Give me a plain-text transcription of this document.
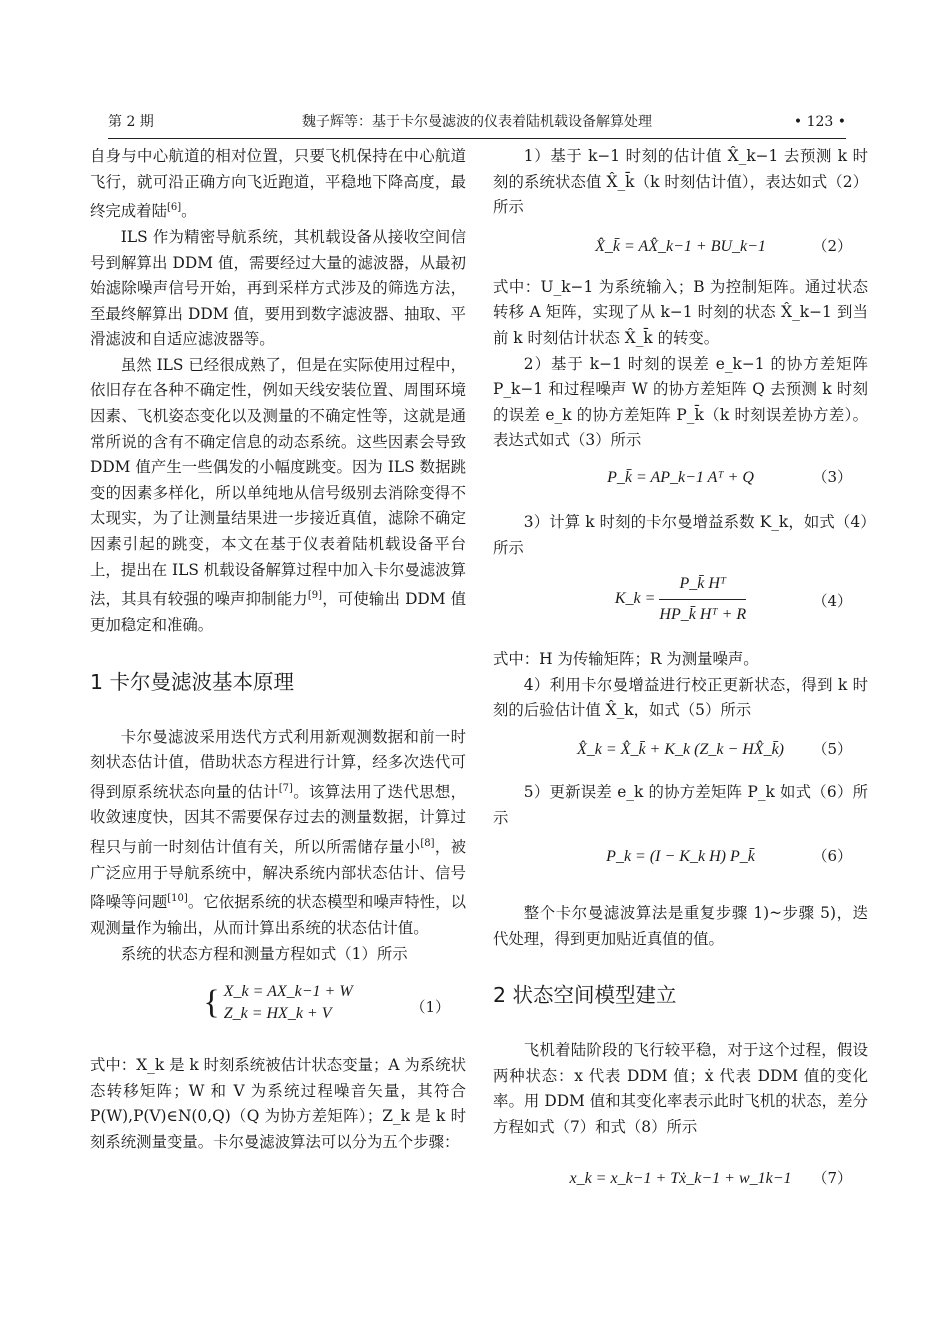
第 2 期	魏子辉等：基于卡尔曼滤波的仪表着陆机载设备解算处理	• 123 •

自身与中心航道的相对位置，只要飞机保持在中心航道飞行，就可沿正确方向飞近跑道，平稳地下降高度，最终完成着陆[6]。

ILS 作为精密导航系统，其机载设备从接收空间信号到解算出 DDM 值，需要经过大量的滤波器，从最初始滤除噪声信号开始，再到采样方式涉及的筛选方法，至最终解算出 DDM 值，要用到数字滤波器、抽取、平滑滤波和自适应滤波器等。

虽然 ILS 已经很成熟了，但是在实际使用过程中，依旧存在各种不确定性，例如天线安装位置、周围环境因素、飞机姿态变化以及测量的不确定性等，这就是通常所说的含有不确定信息的动态系统。这些因素会导致 DDM 值产生一些偶发的小幅度跳变。因为 ILS 数据跳变的因素多样化，所以单纯地从信号级别去消除变得不太现实，为了让测量结果进一步接近真值，滤除不确定因素引起的跳变，本文在基于仪表着陆机载设备平台上，提出在 ILS 机载设备解算过程中加入卡尔曼滤波算法，其具有较强的噪声抑制能力[9]，可使输出 DDM 值更加稳定和准确。

1 卡尔曼滤波基本原理

卡尔曼滤波采用迭代方式利用新观测数据和前一时刻状态估计值，借助状态方程进行计算，经多次迭代可得到原系统状态向量的估计[7]。该算法用了迭代思想，收敛速度快，因其不需要保存过去的测量数据，计算过程只与前一时刻估计值有关，所以所需储存量小[8]，被广泛应用于导航系统中，解决系统内部状态估计、信号降噪等问题[10]。它依据系统的状态模型和噪声特性，以观测量作为输出，从而计算出系统的状态估计值。

系统的状态方程和测量方程如式（1）所示

{ X_k = AX_k−1 + W
Z_k = HX_k + V	（1）

式中：X_k 是 k 时刻系统被估计状态变量；A 为系统状态转移矩阵；W 和 V 为系统过程噪音矢量，其符合 P(W),P(V)∈N(0,Q)（Q 为协方差矩阵）；Z_k 是 k 时刻系统测量变量。卡尔曼滤波算法可以分为五个步骤：

1）基于 k−1 时刻的估计值 X̂_k−1 去预测 k 时刻的系统状态值 X̂_k̄（k 时刻估计值），表达如式（2）所示

X̂_k̄ = AX̂_k−1 + BU_k−1	（2）

式中：U_k−1 为系统输入；B 为控制矩阵。通过状态转移 A 矩阵，实现了从 k−1 时刻的状态 X̂_k−1 到当前 k 时刻估计状态 X̂_k̄ 的转变。

2）基于 k−1 时刻的误差 e_k−1 的协方差矩阵 P_k−1 和过程噪声 W 的协方差矩阵 Q 去预测 k 时刻的误差 e_k 的协方差矩阵 P_k̄（k 时刻误差协方差）。表达式如式（3）所示

P_k̄ = AP_k−1 Aᵀ + Q	（3）

3）计算 k 时刻的卡尔曼增益系数 K_k，如式（4）所示

K_k = $\frac{\text{P\_k̄ Hᵀ}}{\text{HP\_k̄ Hᵀ + R}}$	（4）

式中：H 为传输矩阵；R 为测量噪声。

4）利用卡尔曼增益进行校正更新状态，得到 k 时刻的后验估计值 X̂_k，如式（5）所示

X̂_k = X̂_k̄ + K_k (Z_k − HX̂_k̄)	（5）

5）更新误差 e_k 的协方差矩阵 P_k 如式（6）所示

P_k = (I − K_k H) P_k̄	（6）

整个卡尔曼滤波算法是重复步骤 1)~步骤 5)，迭代处理，得到更加贴近真值的值。

2 状态空间模型建立

飞机着陆阶段的飞行较平稳，对于这个过程，假设两种状态：x 代表 DDM 值；ẋ 代表 DDM 值的变化率。用 DDM 值和其变化率表示此时飞机的状态，差分方程如式（7）和式（8）所示

x_k = x_k−1 + Tẋ_k−1 + w_1k−1	（7）
